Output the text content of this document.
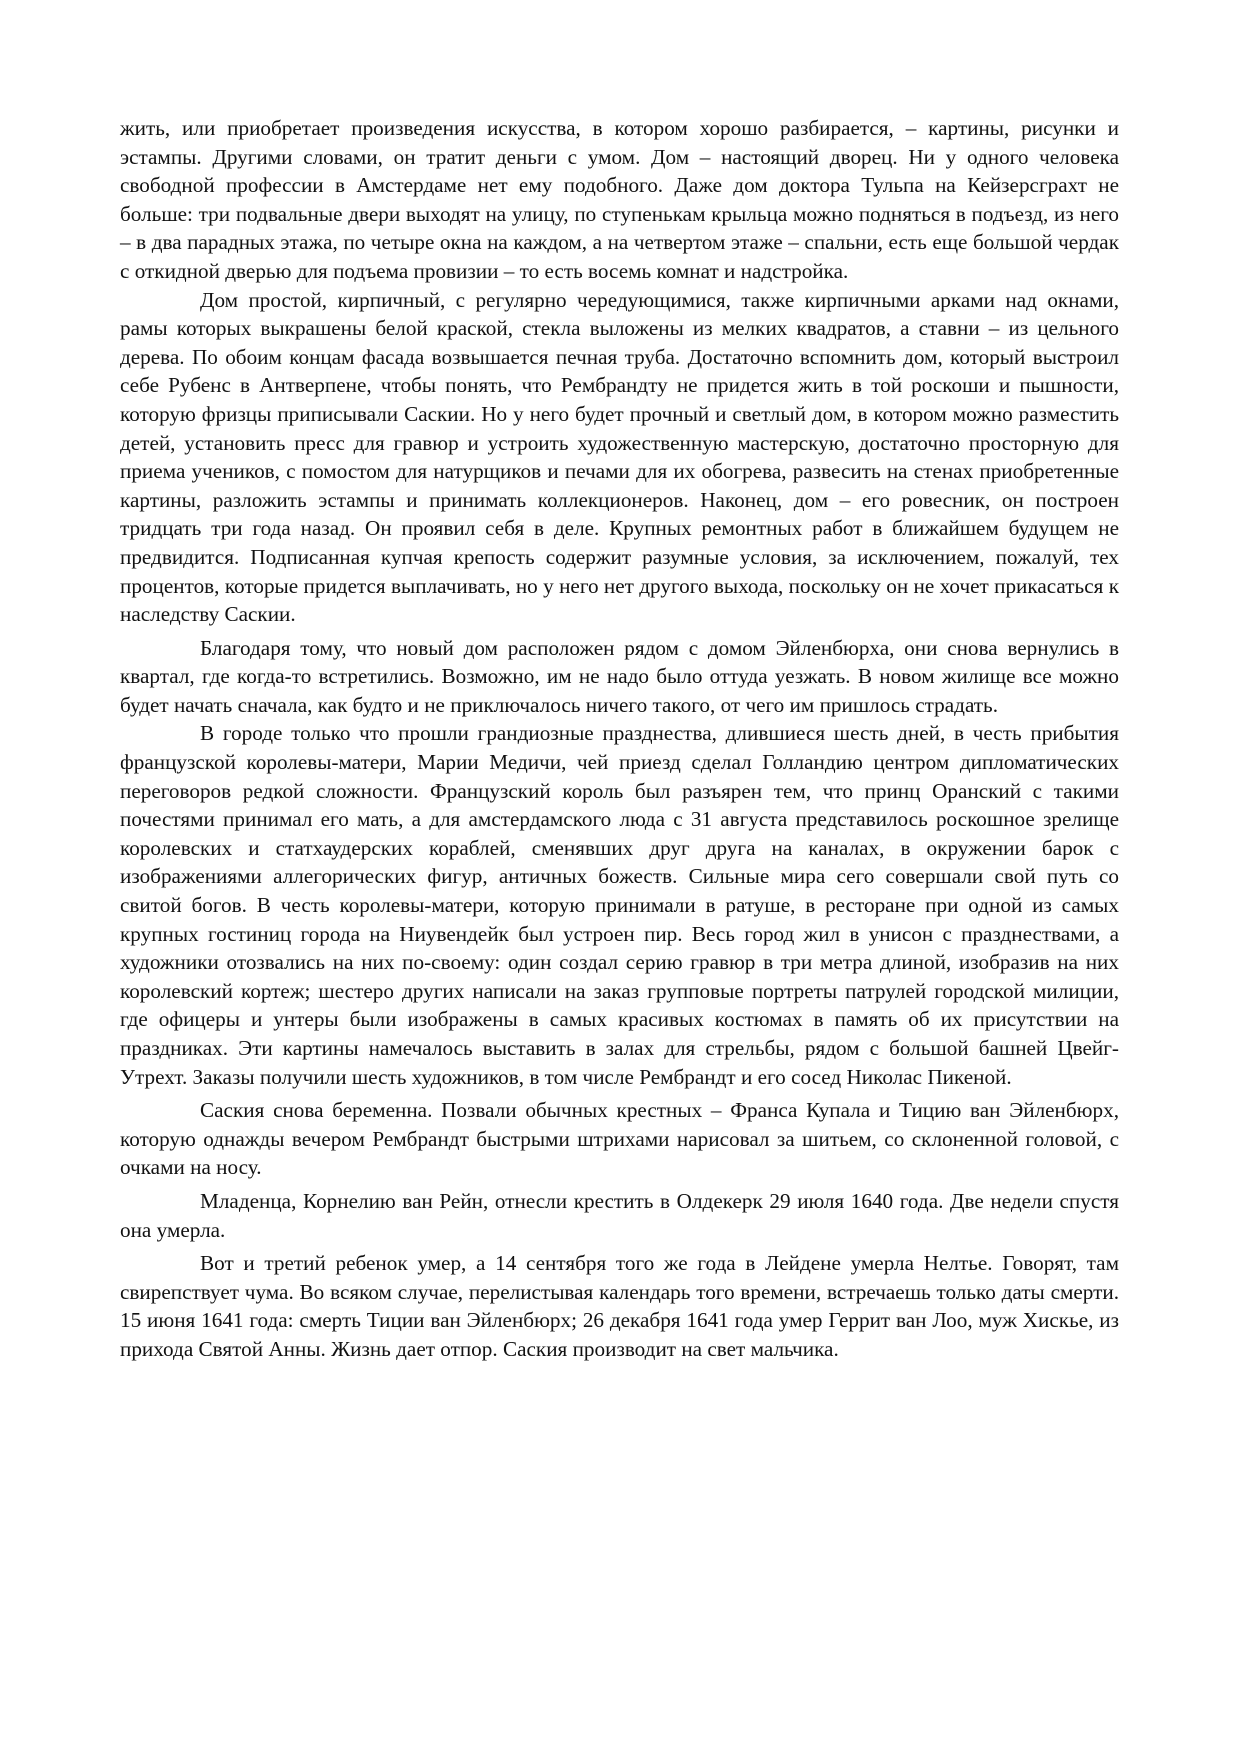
жить, или приобретает произведения искусства, в котором хорошо разбирается, – картины, рисунки и эстампы. Другими словами, он тратит деньги с умом. Дом – настоящий дворец. Ни у одного человека свободной профессии в Амстердаме нет ему подобного. Даже дом доктора Тульпа на Кейзерсграхт не больше: три подвальные двери выходят на улицу, по ступенькам крыльца можно подняться в подъезд, из него – в два парадных этажа, по четыре окна на каждом, а на четвертом этаже – спальни, есть еще большой чердак с откидной дверью для подъема провизии – то есть восемь комнат и надстройка.

Дом простой, кирпичный, с регулярно чередующимися, также кирпичными арками над окнами, рамы которых выкрашены белой краской, стекла выложены из мелких квадратов, а ставни – из цельного дерева. По обоим концам фасада возвышается печная труба. Достаточно вспомнить дом, который выстроил себе Рубенс в Антверпене, чтобы понять, что Рембрандту не придется жить в той роскоши и пышности, которую фризцы приписывали Саскии. Но у него будет прочный и светлый дом, в котором можно разместить детей, установить пресс для гравюр и устроить художественную мастерскую, достаточно просторную для приема учеников, с помостом для натурщиков и печами для их обогрева, развесить на стенах приобретенные картины, разложить эстампы и принимать коллекционеров. Наконец, дом – его ровесник, он построен тридцать три года назад. Он проявил себя в деле. Крупных ремонтных работ в ближайшем будущем не предвидится. Подписанная купчая крепость содержит разумные условия, за исключением, пожалуй, тех процентов, которые придется выплачивать, но у него нет другого выхода, поскольку он не хочет прикасаться к наследству Саскии.

Благодаря тому, что новый дом расположен рядом с домом Эйленбюрха, они снова вернулись в квартал, где когда-то встретились. Возможно, им не надо было оттуда уезжать. В новом жилище все можно будет начать сначала, как будто и не приключалось ничего такого, от чего им пришлось страдать.

В городе только что прошли грандиозные празднества, длившиеся шесть дней, в честь прибытия французской королевы-матери, Марии Медичи, чей приезд сделал Голландию центром дипломатических переговоров редкой сложности. Французский король был разъярен тем, что принц Оранский с такими почестями принимал его мать, а для амстердамского люда с 31 августа представилось роскошное зрелище королевских и статхаудерских кораблей, сменявших друг друга на каналах, в окружении барок с изображениями аллегорических фигур, античных божеств. Сильные мира сего совершали свой путь со свитой богов. В честь королевы-матери, которую принимали в ратуше, в ресторане при одной из самых крупных гостиниц города на Ниувендейк был устроен пир. Весь город жил в унисон с празднествами, а художники отозвались на них по-своему: один создал серию гравюр в три метра длиной, изобразив на них королевский кортеж; шестеро других написали на заказ групповые портреты патрулей городской милиции, где офицеры и унтеры были изображены в самых красивых костюмах в память об их присутствии на праздниках. Эти картины намечалось выставить в залах для стрельбы, рядом с большой башней Цвейг-Утрехт. Заказы получили шесть художников, в том числе Рембрандт и его сосед Николас Пикеной.

Саския снова беременна. Позвали обычных крестных – Франса Купала и Тицию ван Эйленбюрх, которую однажды вечером Рембрандт быстрыми штрихами нарисовал за шитьем, со склоненной головой, с очками на носу.

Младенца, Корнелию ван Рейн, отнесли крестить в Олдекерк 29 июля 1640 года. Две недели спустя она умерла.

Вот и третий ребенок умер, а 14 сентября того же года в Лейдене умерла Нелтье. Говорят, там свирепствует чума. Во всяком случае, перелистывая календарь того времени, встречаешь только даты смерти. 15 июня 1641 года: смерть Тиции ван Эйленбюрх; 26 декабря 1641 года умер Геррит ван Лоо, муж Хискье, из прихода Святой Анны. Жизнь дает отпор. Саския производит на свет мальчика.
